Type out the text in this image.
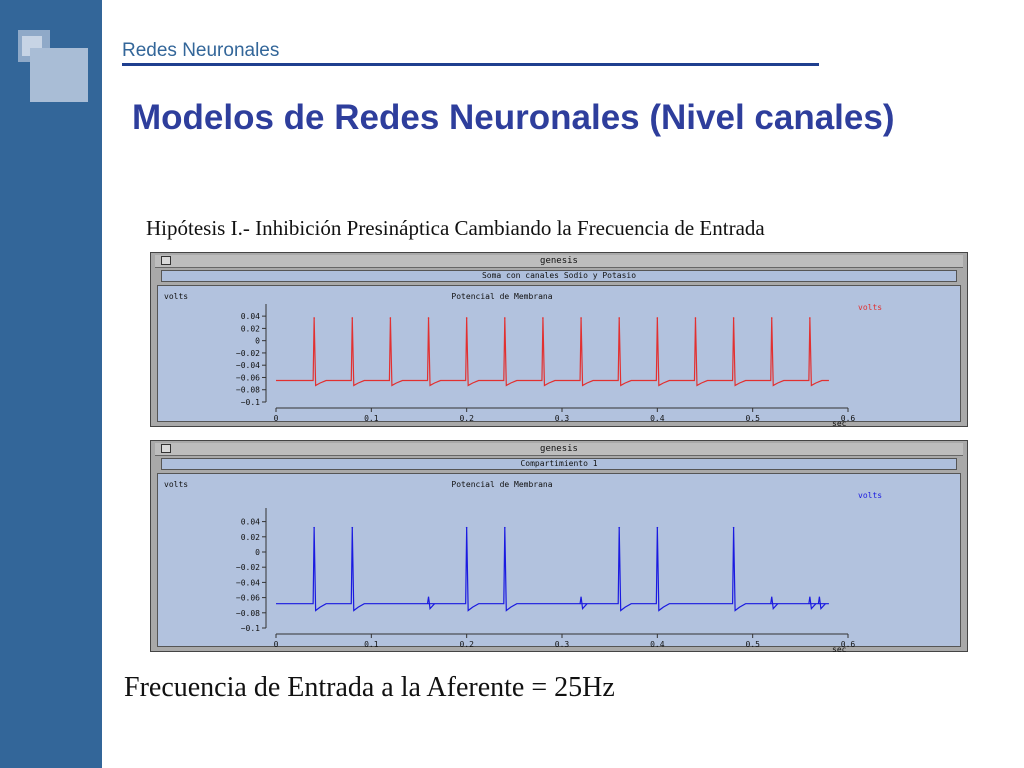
Redes Neuronales
Modelos de Redes Neuronales (Nivel canales)
Hipótesis I.- Inhibición Presináptica Cambiando la Frecuencia de Entrada
genesis
Soma con canales Sodio y Potasio
volts	Potencial de Membrana
volts
0.04
0.02
0
−0.02
−0.04
−0.06
−0.08
−0.1
0	0.1	0.2	0.3	0.4	0.5	0.6
sec
genesis
Compartimiento 1
volts	Potencial de Membrana
volts
0.04
0.02
0
−0.02
−0.04
−0.06
−0.08
−0.1
0	0.1	0.2	0.3	0.4	0.5	0.6
sec
Frecuencia de Entrada a la Aferente = 25Hz
